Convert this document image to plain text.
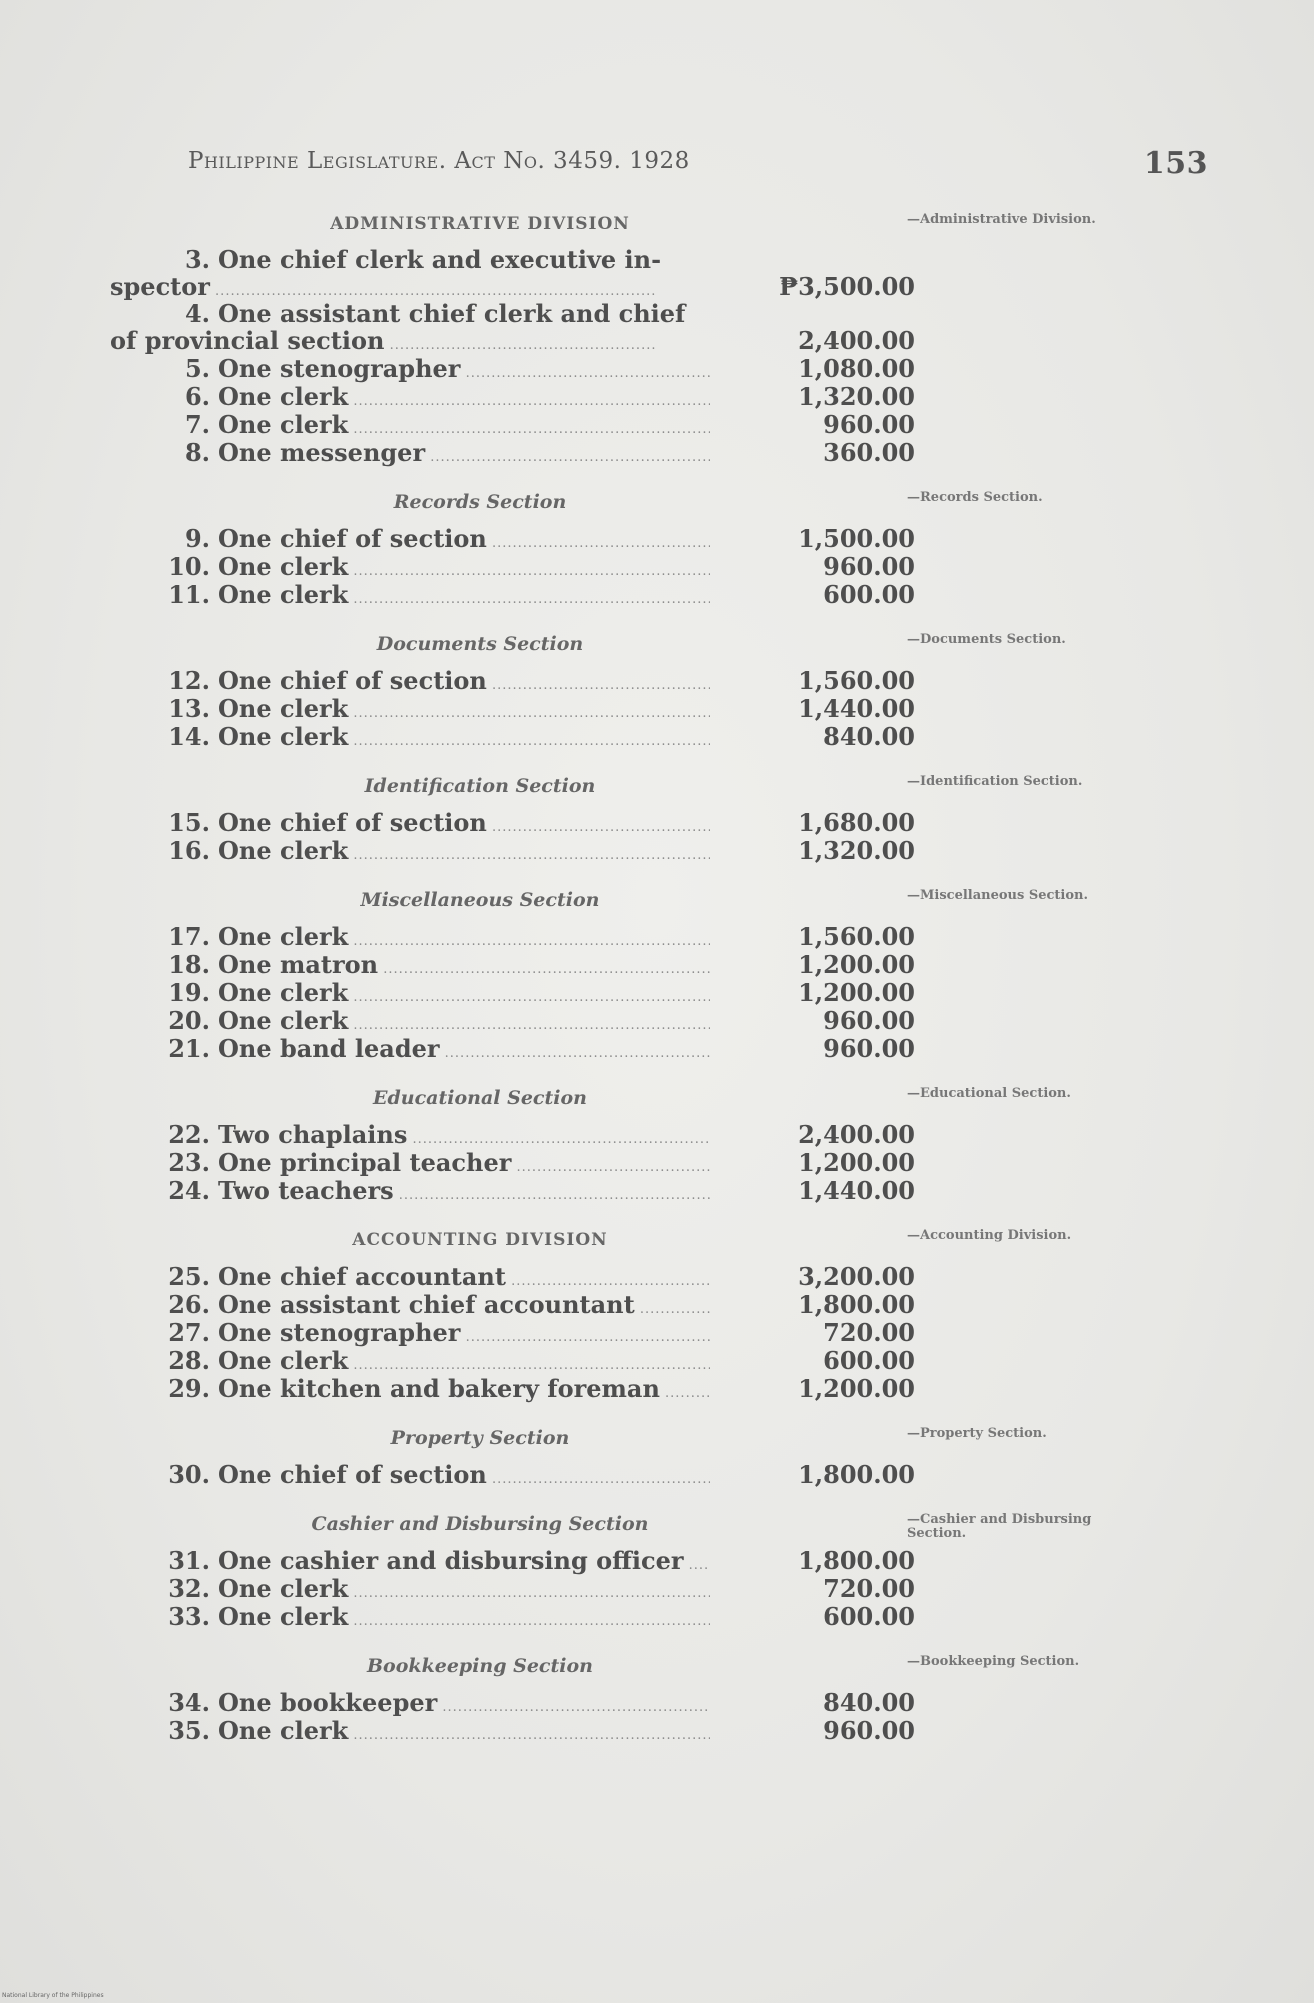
Philippine Legislature. Act No. 3459. 1928	153
ADMINISTRATIVE DIVISION	—Administrative Division.
3. One chief clerk and executive in-
spector .....	₱3,500.00
4. One assistant chief clerk and chief
of provincial section .....	2,400.00
5. One stenographer .....	1,080.00
6. One clerk .....	1,320.00
7. One clerk .....	960.00
8. One messenger .....	360.00
Records Section	—Records Section.
9. One chief of section .....	1,500.00
10. One clerk .....	960.00
11. One clerk .....	600.00
Documents Section	—Documents Section.
12. One chief of section .....	1,560.00
13. One clerk .....	1,440.00
14. One clerk .....	840.00
Identification Section	—Identification Section.
15. One chief of section .....	1,680.00
16. One clerk .....	1,320.00
Miscellaneous Section	—Miscellaneous Section.
17. One clerk .....	1,560.00
18. One matron .....	1,200.00
19. One clerk .....	1,200.00
20. One clerk .....	960.00
21. One band leader .....	960.00
Educational Section	—Educational Section.
22. Two chaplains .....	2,400.00
23. One principal teacher .....	1,200.00
24. Two teachers .....	1,440.00
ACCOUNTING DIVISION	—Accounting Division.
25. One chief accountant .....	3,200.00
26. One assistant chief accountant .....	1,800.00
27. One stenographer .....	720.00
28. One clerk .....	600.00
29. One kitchen and bakery foreman .....	1,200.00
Property Section	—Property Section.
30. One chief of section .....	1,800.00
Cashier and Disbursing Section	—Cashier and Disbursing Section.
31. One cashier and disbursing officer .....	1,800.00
32. One clerk .....	720.00
33. One clerk .....	600.00
Bookkeeping Section	—Bookkeeping Section.
34. One bookkeeper .....	840.00
35. One clerk .....	960.00
National Library of the Philippines
